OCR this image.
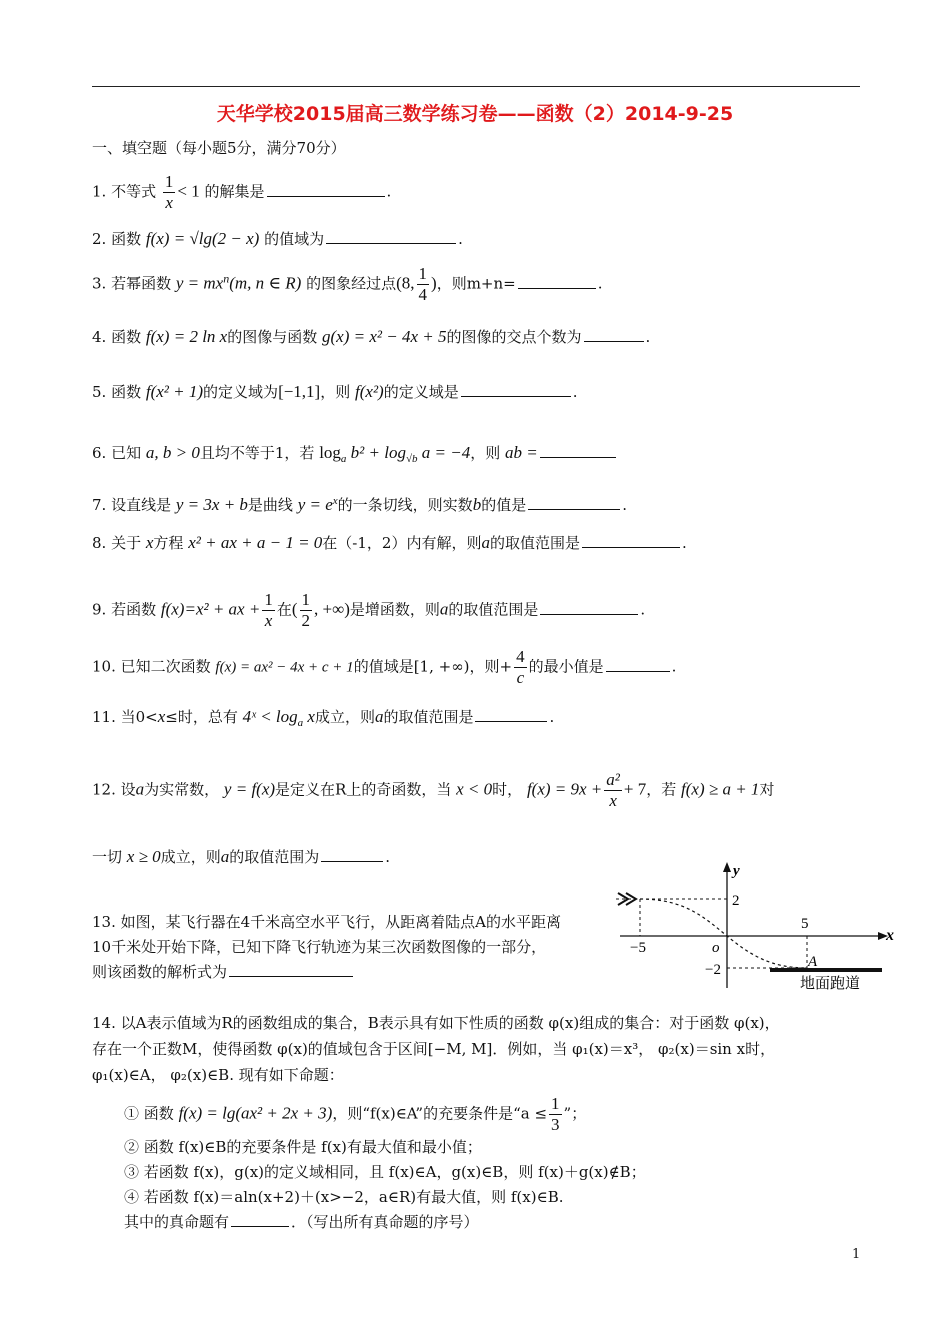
天华学校2015届高三数学练习卷——函数（2）2014-9-25
一、填空题（每小题5分，满分70分）
1. 不等式 $\frac{1}{x} < 1$ 的解集是	.
2. 函数 f(x) = √lg(2 − x) 的值域为	.
3. 若幂函数 $y = mx^n(m$, n ∈ R) 的图象经过点(8, $\frac{1}{4}$ )，则m+n=	.
4. 函数 f(x) = 2 ln x的图像与函数 g(x) = x² − 4x + 5的图像的交点个数为	.
5. 函数 f(x² + 1)的定义域为[−1,1]，则 f(x²)的定义域是	.
6. 已知 a, b > 0且均不等于1，若 $\log_a b^2 + \log_{√b} a = -4$，则 ab =
7. 设直线是 y = 3x + b是曲线 $y = e^x$的一条切线，则实数b的值是	.
8. 关于 x方程 x² + ax + a − 1 = 0在（-1，2）内有解，则a的取值范围是	.
9. 若函数 f(x)=x² + ax + $\frac{1}{x}$ 在( $\frac{1}{2}$ , +∞)是增函数，则a的取值范围是	.
10. 已知二次函数 f(x) = ax² − 4x + c + 1的值域是[1, +∞)，则+ $\frac{4}{c}$ 的最小值是	.
11. 当0<x≤时，总有 4ˣ < $\log_a x$成立，则a的取值范围是	.
12. 设a为实常数， y = f(x)是定义在R上的奇函数，当 x < 0时， $f(x) = 9x + \frac{\text{a²}}{x} + 7$，若 f(x) ≥ a + 1对
一切 x ≥ 0成立，则a的取值范围为	.
13. 如图，某飞行器在4千米高空水平飞行，从距离着陆点A的水平距离
10千米处开始下降，已知下降飞行轨迹为某三次函数图像的一部分，
则该函数的解析式为
y
x
2
5
−5	o
−2	A
地面跑道
14. 以A表示值域为R的函数组成的集合，B表示具有如下性质的函数 φ(x)组成的集合：对于函数 φ(x)，
存在一个正数M，使得函数 φ(x)的值域包含于区间[−M, M]．例如，当 φ₁(x)＝x³， φ₂(x)＝sin x时，
φ₁(x)∈A， φ₂(x)∈B. 现有如下命题：
① 函数 f(x) = lg(ax² + 2x + 3)，则“f(x)∈A”的充要条件是“$a \le \frac{1}{3}$ ”；
② 函数 f(x)∈B的充要条件是 f(x)有最大值和最小值；
③ 若函数 f(x)，g(x)的定义域相同，且 f(x)∈A，g(x)∈B，则 f(x)＋g(x)∉B；
④ 若函数 f(x)＝aln(x+2)＋(x>−2，a∈R)有最大值，则 f(x)∈B.
其中的真命题有	．（写出所有真命题的序号）
1
